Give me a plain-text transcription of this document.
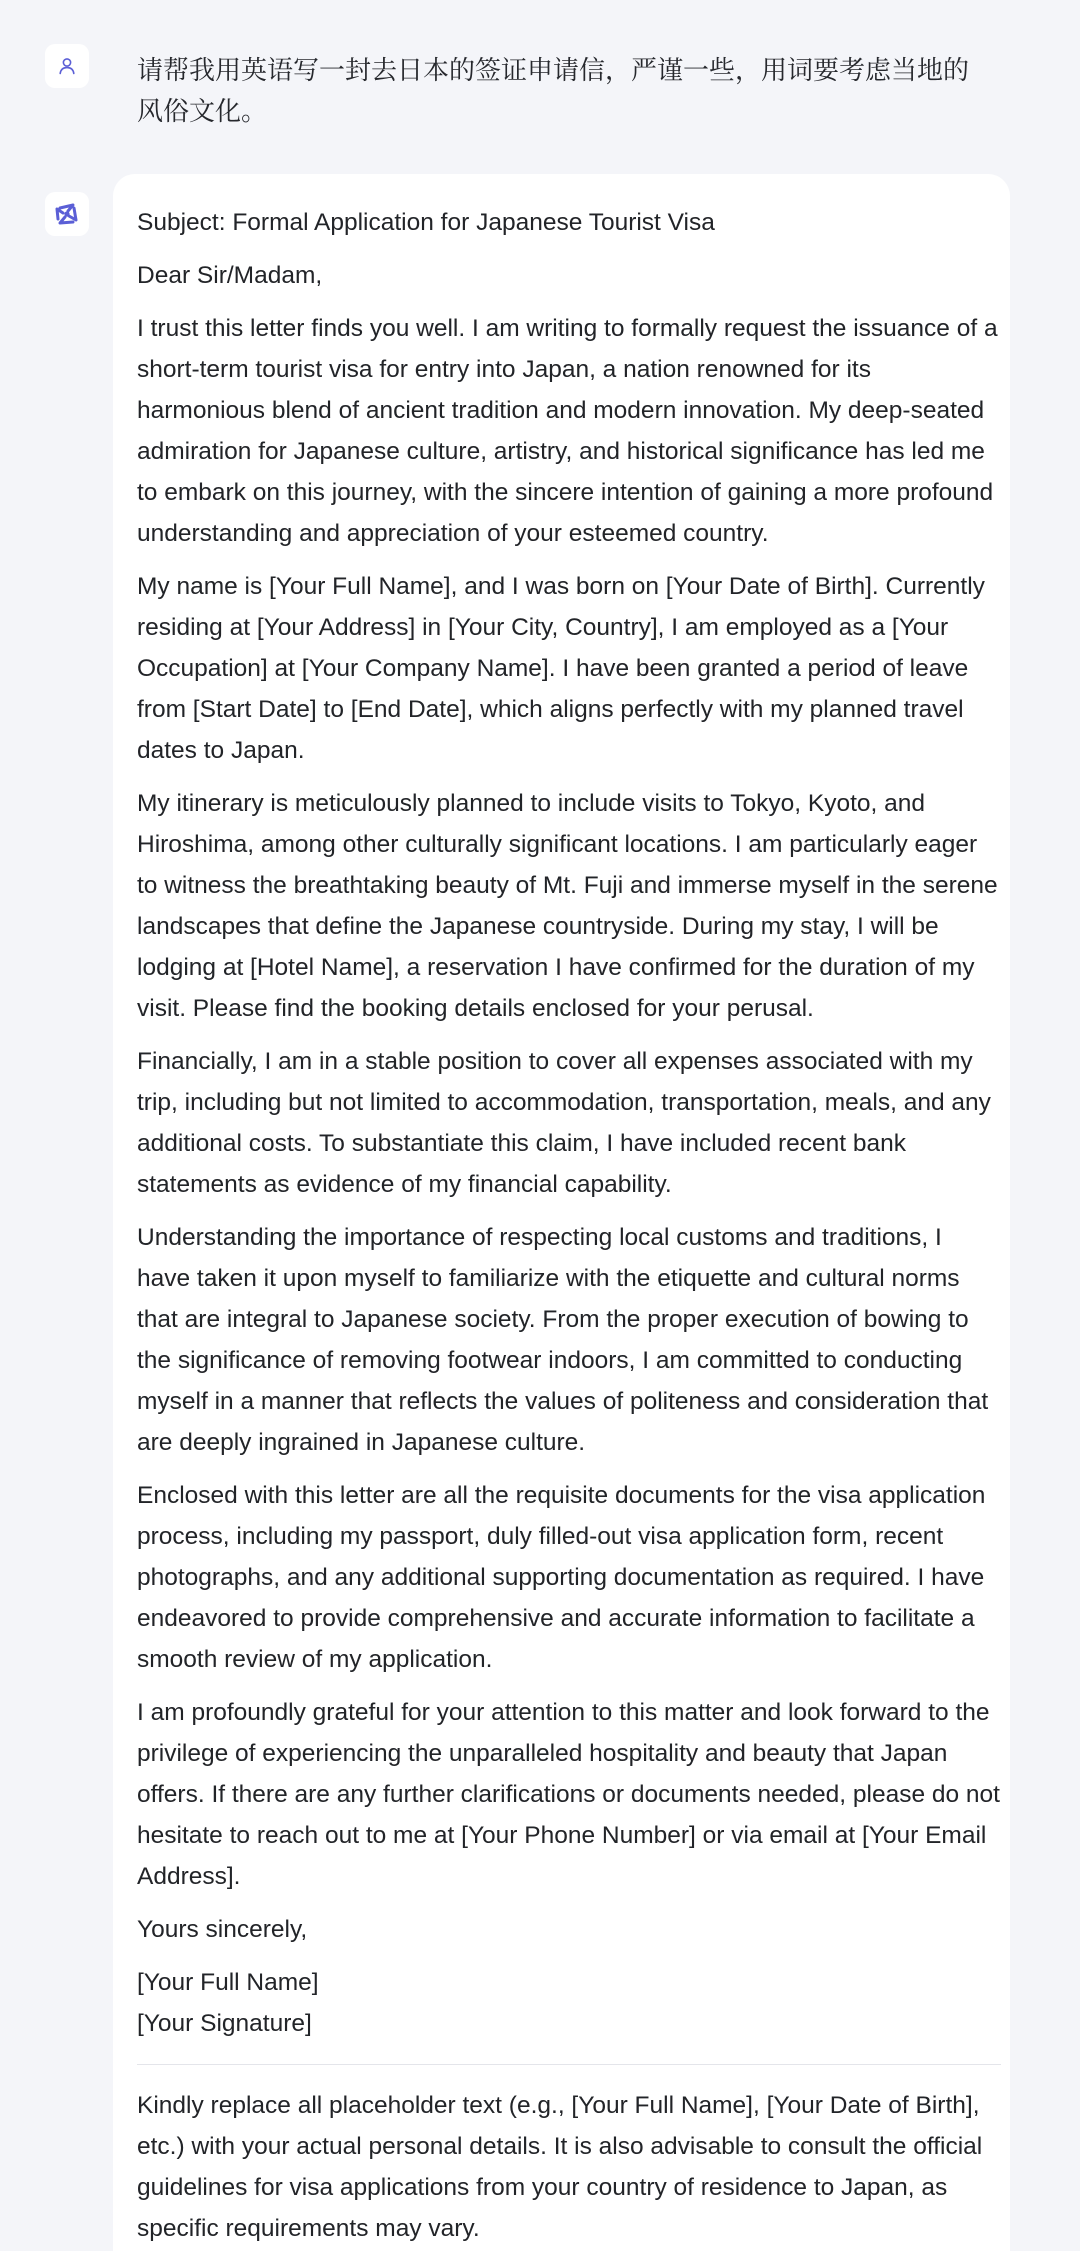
请帮我用英语写一封去日本的签证申请信，严谨一些，用词要考虑当地的风俗文化。

Subject: Formal Application for Japanese Tourist Visa

Dear Sir/Madam,

I trust this letter finds you well. I am writing to formally request the issuance of a short-term tourist visa for entry into Japan, a nation renowned for its harmonious blend of ancient tradition and modern innovation. My deep-seated admiration for Japanese culture, artistry, and historical significance has led me to embark on this journey, with the sincere intention of gaining a more profound understanding and appreciation of your esteemed country.

My name is [Your Full Name], and I was born on [Your Date of Birth]. Currently residing at [Your Address] in [Your City, Country], I am employed as a [Your Occupation] at [Your Company Name]. I have been granted a period of leave from [Start Date] to [End Date], which aligns perfectly with my planned travel dates to Japan.

My itinerary is meticulously planned to include visits to Tokyo, Kyoto, and Hiroshima, among other culturally significant locations. I am particularly eager to witness the breathtaking beauty of Mt. Fuji and immerse myself in the serene landscapes that define the Japanese countryside. During my stay, I will be lodging at [Hotel Name], a reservation I have confirmed for the duration of my visit. Please find the booking details enclosed for your perusal.

Financially, I am in a stable position to cover all expenses associated with my trip, including but not limited to accommodation, transportation, meals, and any additional costs. To substantiate this claim, I have included recent bank statements as evidence of my financial capability.

Understanding the importance of respecting local customs and traditions, I have taken it upon myself to familiarize with the etiquette and cultural norms that are integral to Japanese society. From the proper execution of bowing to the significance of removing footwear indoors, I am committed to conducting myself in a manner that reflects the values of politeness and consideration that are deeply ingrained in Japanese culture.

Enclosed with this letter are all the requisite documents for the visa application process, including my passport, duly filled-out visa application form, recent photographs, and any additional supporting documentation as required. I have endeavored to provide comprehensive and accurate information to facilitate a smooth review of my application.

I am profoundly grateful for your attention to this matter and look forward to the privilege of experiencing the unparalleled hospitality and beauty that Japan offers. If there are any further clarifications or documents needed, please do not hesitate to reach out to me at [Your Phone Number] or via email at [Your Email Address].

Yours sincerely,

[Your Full Name]

[Your Signature]

Kindly replace all placeholder text (e.g., [Your Full Name], [Your Date of Birth], etc.) with your actual personal details. It is also advisable to consult the official guidelines for visa applications from your country of residence to Japan, as specific requirements may vary.
